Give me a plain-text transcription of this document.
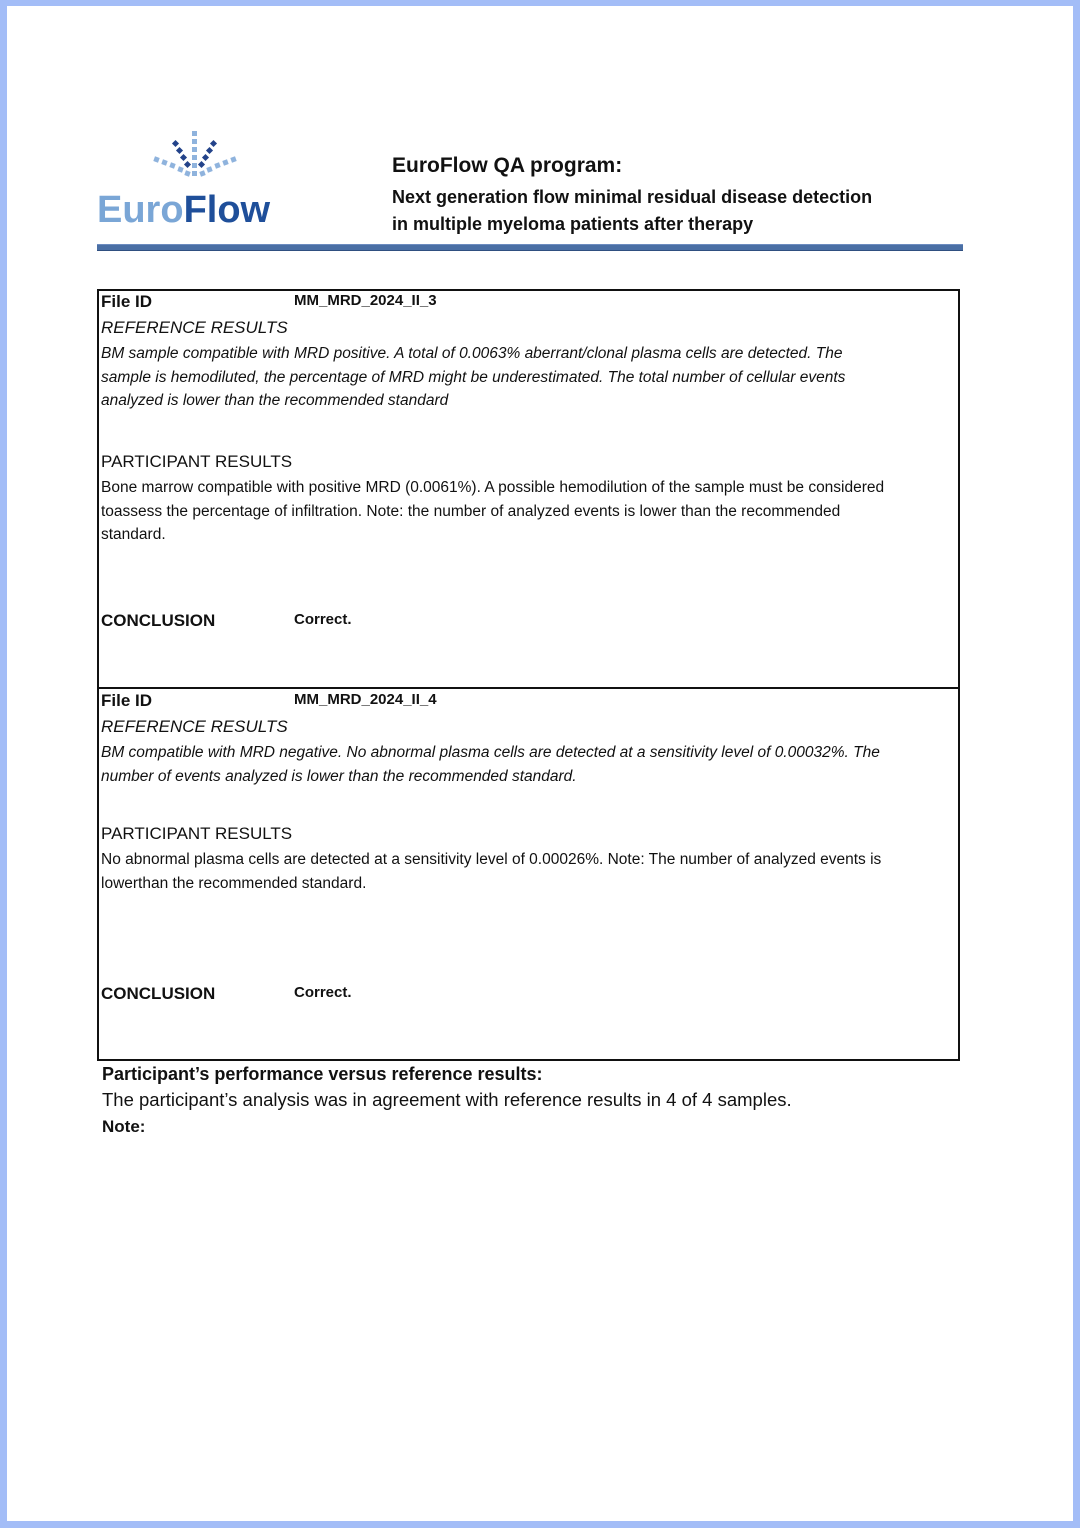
EuroFlow
EuroFlow QA program:
Next generation flow minimal residual disease detection
in multiple myeloma patients after therapy
File ID	MM_MRD_2024_II_3
REFERENCE RESULTS
BM sample compatible with MRD positive. A total of 0.0063% aberrant/clonal plasma cells are detected. The
sample is hemodiluted, the percentage of MRD might be underestimated. The total number of cellular events
analyzed is lower than the recommended standard
PARTICIPANT RESULTS
Bone marrow compatible with positive MRD (0.0061%). A possible hemodilution of the sample must be considered
toassess the percentage of infiltration. Note: the number of analyzed events is lower than the recommended
standard.
CONCLUSION	Correct.
File ID	MM_MRD_2024_II_4
REFERENCE RESULTS
BM compatible with MRD negative. No abnormal plasma cells are detected at a sensitivity level of 0.00032%. The
number of events analyzed is lower than the recommended standard.
PARTICIPANT RESULTS
No abnormal plasma cells are detected at a sensitivity level of 0.00026%. Note: The number of analyzed events is
lowerthan the recommended standard.
CONCLUSION	Correct.
Participant’s performance versus reference results:
The participant’s analysis was in agreement with reference results in 4 of 4 samples.
Note:
